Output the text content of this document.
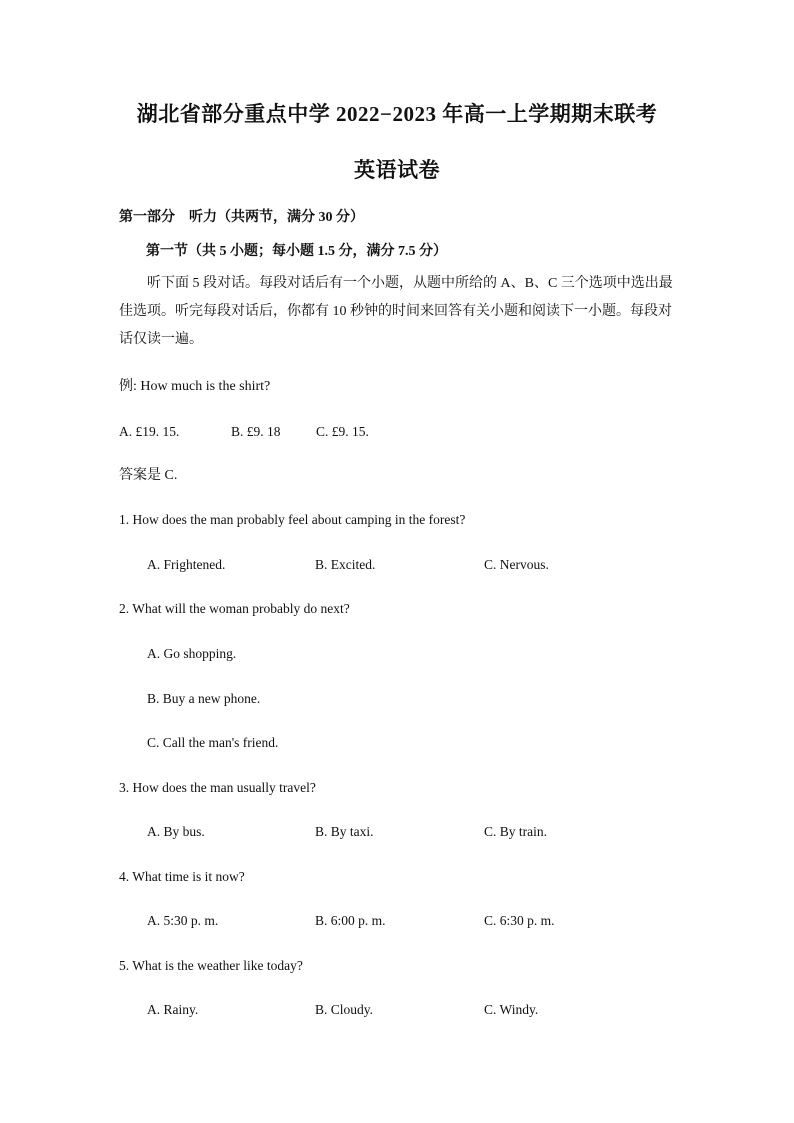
湖北省部分重点中学 2022−2023 年高一上学期期末联考
英语试卷
第一部分　听力（共两节，满分 30 分）
第一节（共 5 小题；每小题 1.5 分，满分 7.5 分）
听下面 5 段对话。每段对话后有一个小题，从题中所给的 A、B、C 三个选项中选出最佳选项。听完每段对话后，你都有 10 秒钟的时间来回答有关小题和阅读下一小题。每段对话仅读一遍。
例: How much is the shirt?
A. £19. 15.	B. £9. 18	C. £9. 15.
答案是 C.
1. How does the man probably feel about camping in the forest?
A. Frightened.	B. Excited.	C. Nervous.
2. What will the woman probably do next?
A. Go shopping.
B. Buy a new phone.
C. Call the man's friend.
3. How does the man usually travel?
A. By bus.	B. By taxi.	C. By train.
4. What time is it now?
A. 5:30 p. m.	B. 6:00 p. m.	C. 6:30 p. m.
5. What is the weather like today?
A. Rainy.	B. Cloudy.	C. Windy.
